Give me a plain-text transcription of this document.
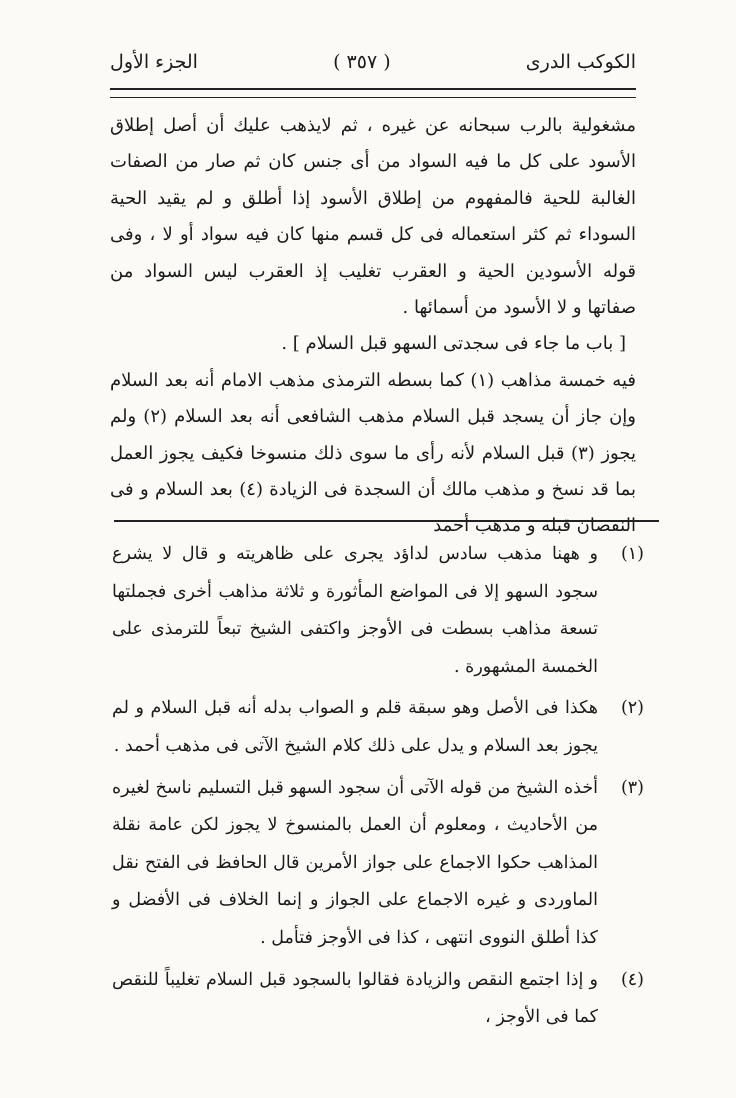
الكوكب الدرى
( ٣٥٧ )
الجزء الأول

مشغولية بالرب سبحانه عن غيره ، ثم لايذهب عليك أن أصل إطلاق الأسود على كل ما فيه السواد من أى جنس كان ثم صار من الصفات الغالبة للحية فالمفهوم من إطلاق الأسود إذا أطلق و لم يقيد الحية السوداء ثم كثر استعماله فى كل قسم منها كان فيه سواد أو لا ، وفى قوله الأسودين الحية و العقرب تغليب إذ العقرب ليس السواد من صفاتها و لا الأسود من أسمائها .

[ باب ما جاء فى سجدتى السهو قبل السلام ] .

فيه خمسة مذاهب (١) كما بسطه الترمذى مذهب الامام أنه بعد السلام وإن جاز أن يسجد قبل السلام مذهب الشافعى أنه بعد السلام (٢) ولم يجوز (٣) قبل السلام لأنه رأى ما سوى ذلك منسوخا فكيف يجوز العمل بما قد نسخ و مذهب مالك أن السجدة فى الزيادة (٤) بعد السلام و فى النقصان قبله و مذهب أحمد

(١)
و ههنا مذهب سادس لداؤد يجرى على ظاهريته و قال لا يشرع سجود السهو إلا فى المواضع المأثورة و ثلاثة مذاهب أخرى فجملتها تسعة مذاهب بسطت فى الأوجز واكتفى الشيخ تبعاً للترمذى على الخمسة المشهورة .
(٢)
هكذا فى الأصل وهو سبقة قلم و الصواب بدله أنه قبل السلام و لم يجوز بعد السلام و يدل على ذلك كلام الشيخ الآتى فى مذهب أحمد .
(٣)
أخذه الشيخ من قوله الآتى أن سجود السهو قبل التسليم ناسخ لغيره من الأحاديث ، ومعلوم أن العمل بالمنسوخ لا يجوز لكن عامة نقلة المذاهب حكوا الاجماع على جواز الأمرين قال الحافظ فى الفتح نقل الماوردى و غيره الاجماع على الجواز و إنما الخلاف فى الأفضل و كذا أطلق النووى انتهى ، كذا فى الأوجز فتأمل .
(٤)
و إذا اجتمع النقص والزيادة فقالوا بالسجود قبل السلام تغليباً للنقص كما فى الأوجز ،
